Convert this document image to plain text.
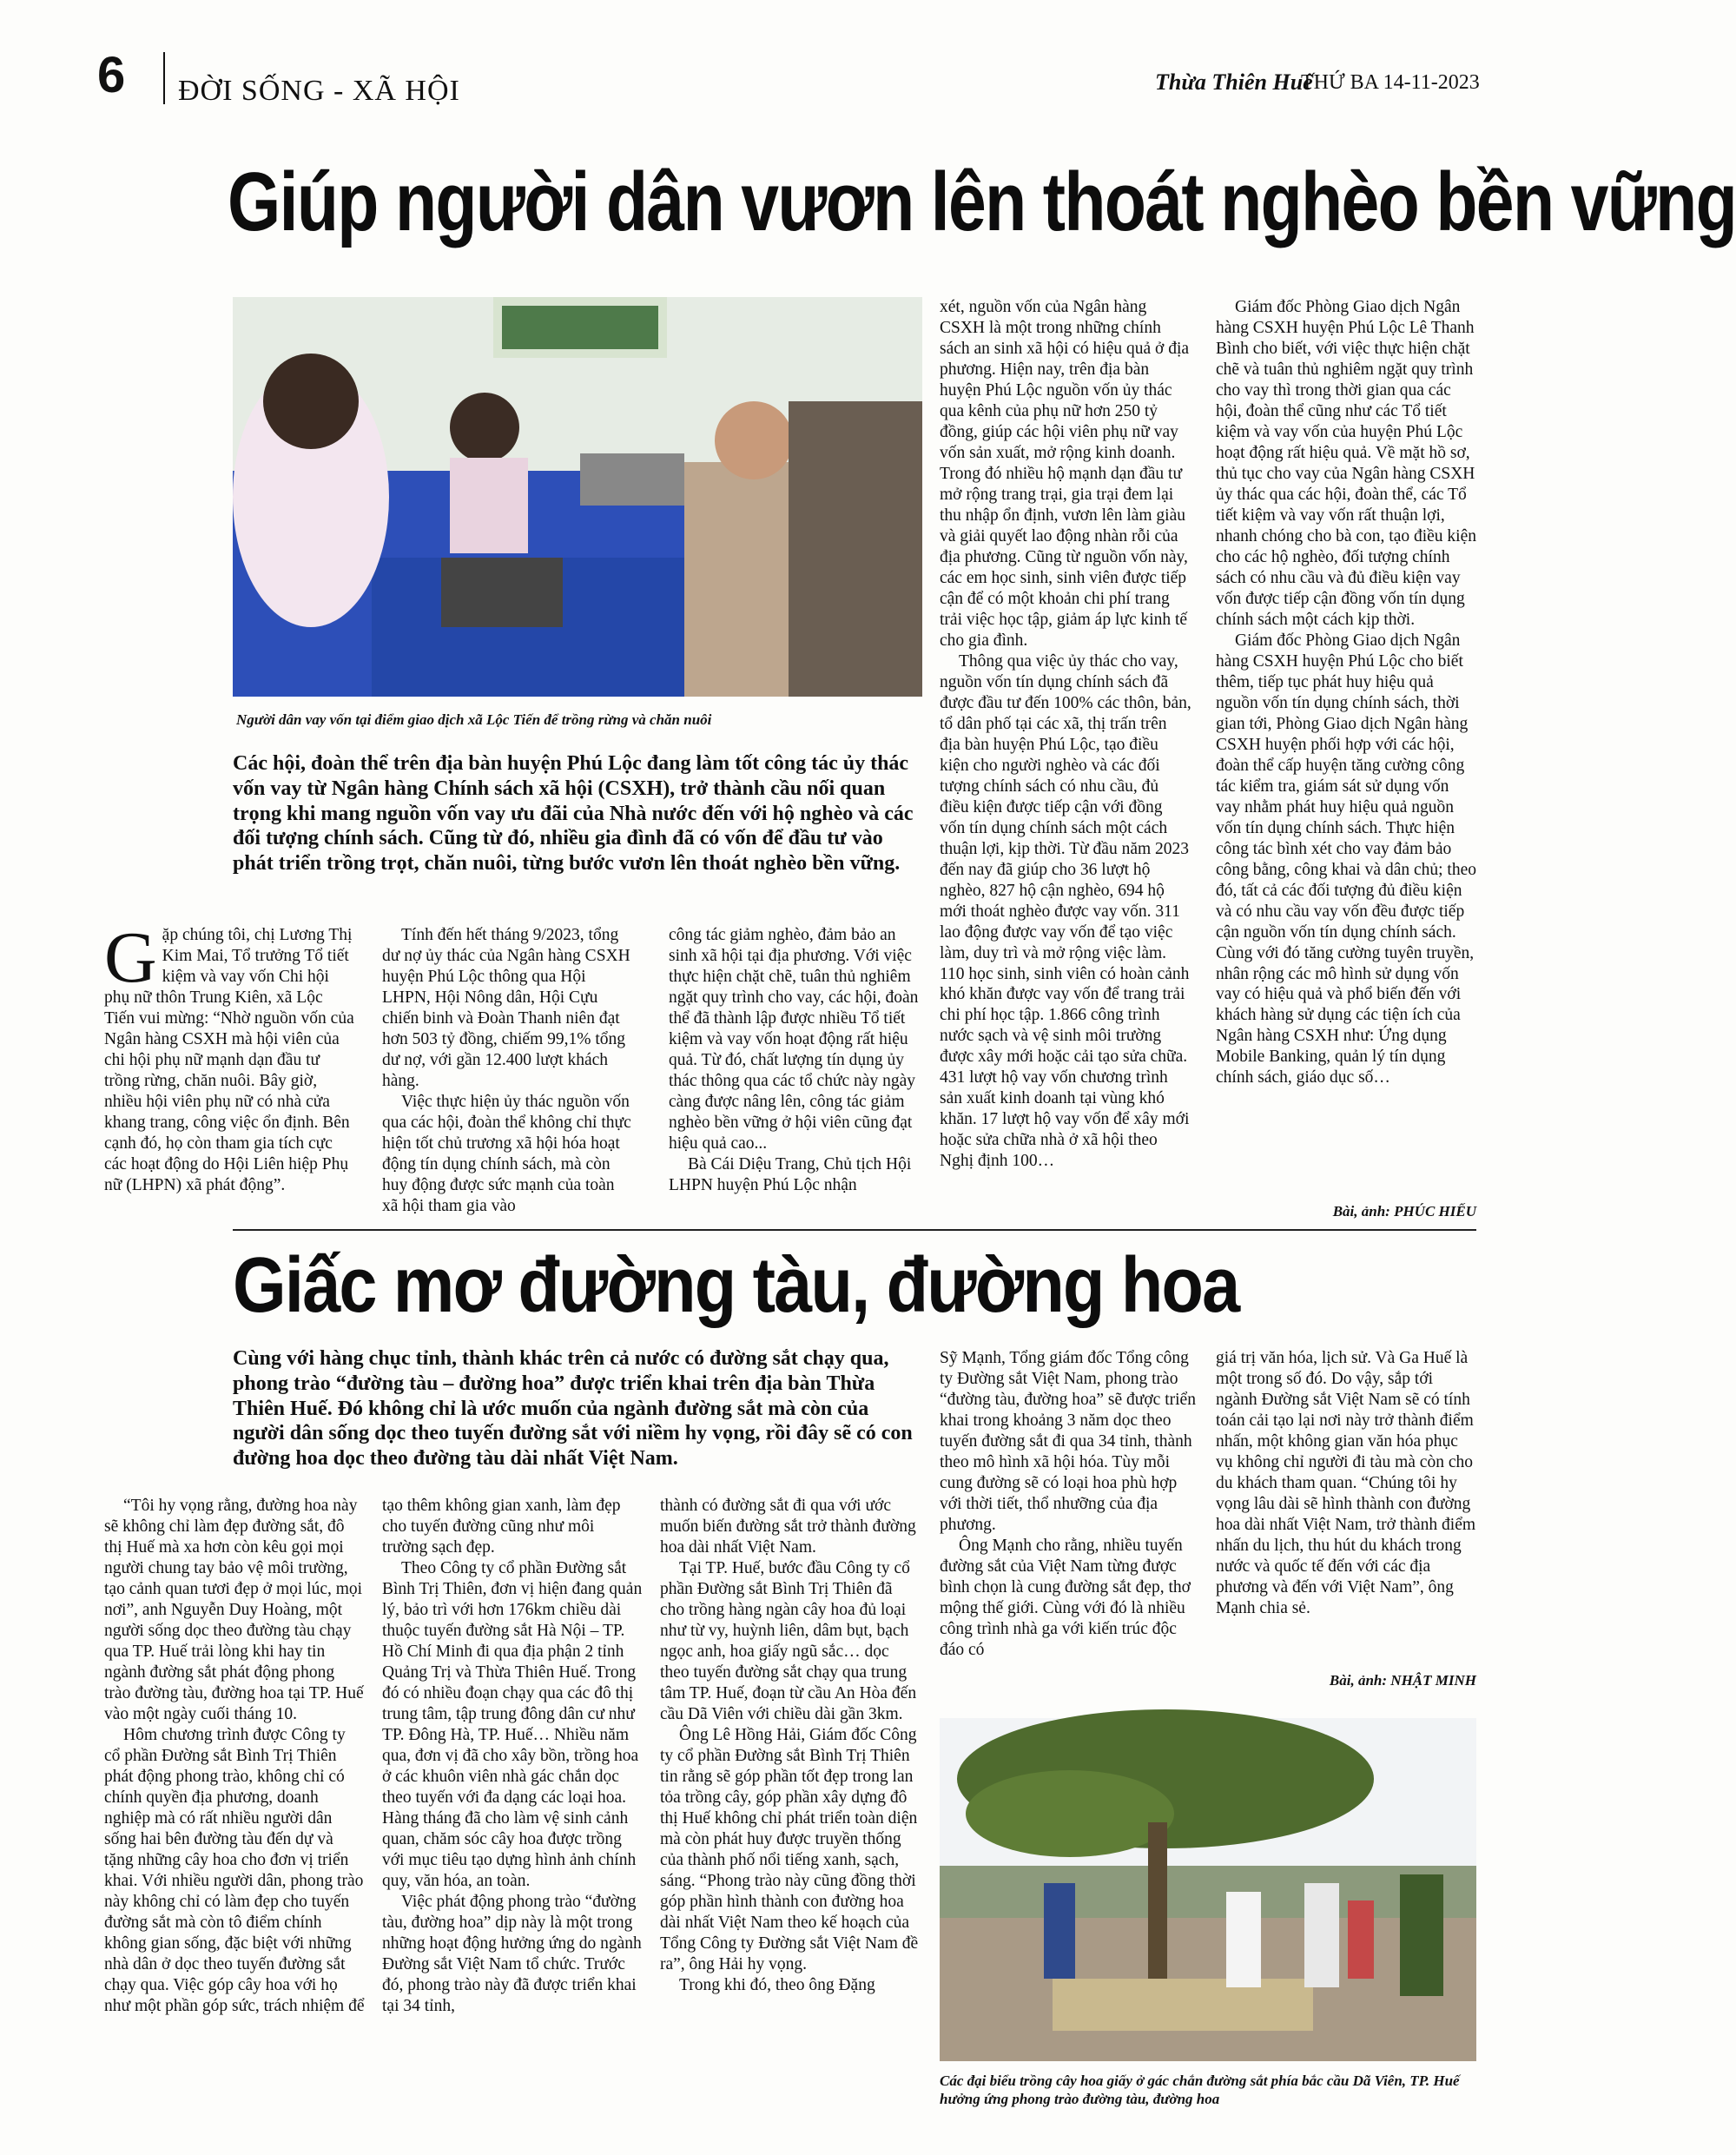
6 ĐỜI SỐNG - XÃ HỘI	Thừa Thiên Huế
THỨ BA 14-11-2023
Giúp người dân vươn lên thoát nghèo bền vững
Người dân vay vốn tại điểm giao dịch xã Lộc Tiến để trồng rừng và chăn nuôi
Các hội, đoàn thể trên địa bàn huyện Phú Lộc đang làm tốt công tác ủy thác vốn vay từ Ngân hàng Chính sách xã hội (CSXH), trở thành cầu nối quan trọng khi mang nguồn vốn vay ưu đãi của Nhà nước đến với hộ nghèo và các đối tượng chính sách. Cũng từ đó, nhiều gia đình đã có vốn để đầu tư vào phát triển trồng trọt, chăn nuôi, từng bước vươn lên thoát nghèo bền vững.

Gặp chúng tôi, chị Lương Thị Kim Mai, Tổ trưởng Tổ tiết kiệm và vay vốn Chi hội phụ nữ thôn Trung Kiên, xã Lộc Tiến vui mừng: “Nhờ nguồn vốn của Ngân hàng CSXH mà hội viên của chi hội phụ nữ mạnh dạn đầu tư trồng rừng, chăn nuôi. Bây giờ, nhiều hội viên phụ nữ có nhà cửa khang trang, công việc ổn định. Bên cạnh đó, họ còn tham gia tích cực các hoạt động do Hội Liên hiệp Phụ nữ (LHPN) xã phát động”.

Tính đến hết tháng 9/2023, tổng dư nợ ủy thác của Ngân hàng CSXH huyện Phú Lộc thông qua Hội LHPN, Hội Nông dân, Hội Cựu chiến binh và Đoàn Thanh niên đạt hơn 503 tỷ đồng, chiếm 99,1% tổng dư nợ, với gần 12.400 lượt khách hàng.

Việc thực hiện ủy thác nguồn vốn qua các hội, đoàn thể không chỉ thực hiện tốt chủ trương xã hội hóa hoạt động tín dụng chính sách, mà còn huy động được sức mạnh của toàn xã hội tham gia vào

công tác giảm nghèo, đảm bảo an sinh xã hội tại địa phương. Với việc thực hiện chặt chẽ, tuân thủ nghiêm ngặt quy trình cho vay, các hội, đoàn thể đã thành lập được nhiều Tổ tiết kiệm và vay vốn hoạt động rất hiệu quả. Từ đó, chất lượng tín dụng ủy thác thông qua các tổ chức này ngày càng được nâng lên, công tác giảm nghèo bền vững ở hội viên cũng đạt hiệu quả cao...

Bà Cái Diệu Trang, Chủ tịch Hội LHPN huyện Phú Lộc nhận

xét, nguồn vốn của Ngân hàng CSXH là một trong những chính sách an sinh xã hội có hiệu quả ở địa phương. Hiện nay, trên địa bàn huyện Phú Lộc nguồn vốn ủy thác qua kênh của phụ nữ hơn 250 tỷ đồng, giúp các hội viên phụ nữ vay vốn sản xuất, mở rộng kinh doanh. Trong đó nhiều hộ mạnh dạn đầu tư mở rộng trang trại, gia trại đem lại thu nhập ổn định, vươn lên làm giàu và giải quyết lao động nhàn rỗi của địa phương. Cũng từ nguồn vốn này, các em học sinh, sinh viên được tiếp cận để có một khoản chi phí trang trải việc học tập, giảm áp lực kinh tế cho gia đình.

Thông qua việc ủy thác cho vay, nguồn vốn tín dụng chính sách đã được đầu tư đến 100% các thôn, bản, tổ dân phố tại các xã, thị trấn trên địa bàn huyện Phú Lộc, tạo điều kiện cho người nghèo và các đối tượng chính sách có nhu cầu, đủ điều kiện được tiếp cận với đồng vốn tín dụng chính sách một cách thuận lợi, kịp thời. Từ đầu năm 2023 đến nay đã giúp cho 36 lượt hộ nghèo, 827 hộ cận nghèo, 694 hộ mới thoát nghèo được vay vốn. 311 lao động được vay vốn để tạo việc làm, duy trì và mở rộng việc làm. 110 học sinh, sinh viên có hoàn cảnh khó khăn được vay vốn để trang trải chi phí học tập. 1.866 công trình nước sạch và vệ sinh môi trường được xây mới hoặc cải tạo sửa chữa. 431 lượt hộ vay vốn chương trình sản xuất kinh doanh tại vùng khó khăn. 17 lượt hộ vay vốn để xây mới hoặc sửa chữa nhà ở xã hội theo Nghị định 100…

Giám đốc Phòng Giao dịch Ngân hàng CSXH huyện Phú Lộc Lê Thanh Bình cho biết, với việc thực hiện chặt chẽ và tuân thủ nghiêm ngặt quy trình cho vay thì trong thời gian qua các hội, đoàn thể cũng như các Tổ tiết kiệm và vay vốn của huyện Phú Lộc hoạt động rất hiệu quả. Về mặt hồ sơ, thủ tục cho vay của Ngân hàng CSXH ủy thác qua các hội, đoàn thể, các Tổ tiết kiệm và vay vốn rất thuận lợi, nhanh chóng cho bà con, tạo điều kiện cho các hộ nghèo, đối tượng chính sách có nhu cầu và đủ điều kiện vay vốn được tiếp cận đồng vốn tín dụng chính sách một cách kịp thời.

Giám đốc Phòng Giao dịch Ngân hàng CSXH huyện Phú Lộc cho biết thêm, tiếp tục phát huy hiệu quả nguồn vốn tín dụng chính sách, thời gian tới, Phòng Giao dịch Ngân hàng CSXH huyện phối hợp với các hội, đoàn thể cấp huyện tăng cường công tác kiểm tra, giám sát sử dụng vốn vay nhằm phát huy hiệu quả nguồn vốn tín dụng chính sách. Thực hiện công tác bình xét cho vay đảm bảo công bằng, công khai và dân chủ; theo đó, tất cả các đối tượng đủ điều kiện và có nhu cầu vay vốn đều được tiếp cận nguồn vốn tín dụng chính sách. Cùng với đó tăng cường tuyên truyền, nhân rộng các mô hình sử dụng vốn vay có hiệu quả và phổ biến đến với khách hàng sử dụng các tiện ích của Ngân hàng CSXH như: Ứng dụng Mobile Banking, quản lý tín dụng chính sách, giáo dục số…

Bài, ảnh: PHÚC HIẾU
Giấc mơ đường tàu, đường hoa
Cùng với hàng chục tỉnh, thành khác trên cả nước có đường sắt chạy qua, phong trào “đường tàu – đường hoa” được triển khai trên địa bàn Thừa Thiên Huế. Đó không chỉ là ước muốn của ngành đường sắt mà còn của người dân sống dọc theo tuyến đường sắt với niềm hy vọng, rồi đây sẽ có con đường hoa dọc theo đường tàu dài nhất Việt Nam.

“Tôi hy vọng rằng, đường hoa này sẽ không chỉ làm đẹp đường sắt, đô thị Huế mà xa hơn còn kêu gọi mọi người chung tay bảo vệ môi trường, tạo cảnh quan tươi đẹp ở mọi lúc, mọi nơi”, anh Nguyễn Duy Hoàng, một người sống dọc theo đường tàu chạy qua TP. Huế trải lòng khi hay tin ngành đường sắt phát động phong trào đường tàu, đường hoa tại TP. Huế vào một ngày cuối tháng 10.

Hôm chương trình được Công ty cổ phần Đường sắt Bình Trị Thiên phát động phong trào, không chỉ có chính quyền địa phương, doanh nghiệp mà có rất nhiều người dân sống hai bên đường tàu đến dự và tặng những cây hoa cho đơn vị triển khai. Với nhiều người dân, phong trào này không chỉ có làm đẹp cho tuyến đường sắt mà còn tô điểm chính không gian sống, đặc biệt với những nhà dân ở dọc theo tuyến đường sắt chạy qua. Việc góp cây hoa với họ như một phần góp sức, trách nhiệm để

tạo thêm không gian xanh, làm đẹp cho tuyến đường cũng như môi trường sạch đẹp.

Theo Công ty cổ phần Đường sắt Bình Trị Thiên, đơn vị hiện đang quản lý, bảo trì với hơn 176km chiều dài thuộc tuyến đường sắt Hà Nội – TP. Hồ Chí Minh đi qua địa phận 2 tỉnh Quảng Trị và Thừa Thiên Huế. Trong đó có nhiều đoạn chạy qua các đô thị trung tâm, tập trung đông dân cư như TP. Đông Hà, TP. Huế… Nhiều năm qua, đơn vị đã cho xây bồn, trồng hoa ở các khuôn viên nhà gác chắn dọc theo tuyến với đa dạng các loại hoa. Hàng tháng đã cho làm vệ sinh cảnh quan, chăm sóc cây hoa được trồng với mục tiêu tạo dựng hình ảnh chính quy, văn hóa, an toàn.

Việc phát động phong trào “đường tàu, đường hoa” dịp này là một trong những hoạt động hưởng ứng do ngành Đường sắt Việt Nam tổ chức. Trước đó, phong trào này đã được triển khai tại 34 tỉnh,

thành có đường sắt đi qua với ước muốn biến đường sắt trở thành đường hoa dài nhất Việt Nam.

Tại TP. Huế, bước đầu Công ty cổ phần Đường sắt Bình Trị Thiên đã cho trồng hàng ngàn cây hoa đủ loại như từ vy, huỳnh liên, dâm bụt, bạch ngọc anh, hoa giấy ngũ sắc… dọc theo tuyến đường sắt chạy qua trung tâm TP. Huế, đoạn từ cầu An Hòa đến cầu Dã Viên với chiều dài gần 3km.

Ông Lê Hồng Hải, Giám đốc Công ty cổ phần Đường sắt Bình Trị Thiên tin rằng sẽ góp phần tốt đẹp trong lan tỏa trồng cây, góp phần xây dựng đô thị Huế không chỉ phát triển toàn diện mà còn phát huy được truyền thống của thành phố nổi tiếng xanh, sạch, sáng. “Phong trào này cũng đồng thời góp phần hình thành con đường hoa dài nhất Việt Nam theo kế hoạch của Tổng Công ty Đường sắt Việt Nam đề ra”, ông Hải hy vọng.

Trong khi đó, theo ông Đặng

Sỹ Mạnh, Tổng giám đốc Tổng công ty Đường sắt Việt Nam, phong trào “đường tàu, đường hoa” sẽ được triển khai trong khoảng 3 năm dọc theo tuyến đường sắt đi qua 34 tỉnh, thành theo mô hình xã hội hóa. Tùy mỗi cung đường sẽ có loại hoa phù hợp với thời tiết, thổ nhưỡng của địa phương.

Ông Mạnh cho rằng, nhiều tuyến đường sắt của Việt Nam từng được bình chọn là cung đường sắt đẹp, thơ mộng thế giới. Cùng với đó là nhiều công trình nhà ga với kiến trúc độc đáo có

giá trị văn hóa, lịch sử. Và Ga Huế là một trong số đó. Do vậy, sắp tới ngành Đường sắt Việt Nam sẽ có tính toán cải tạo lại nơi này trở thành điểm nhấn, một không gian văn hóa phục vụ không chỉ người đi tàu mà còn cho du khách tham quan. “Chúng tôi hy vọng lâu dài sẽ hình thành con đường hoa dài nhất Việt Nam, trở thành điểm nhấn du lịch, thu hút du khách trong nước và quốc tế đến với các địa phương và đến với Việt Nam”, ông Mạnh chia sẻ.

Bài, ảnh: NHẬT MINH
Các đại biểu trồng cây hoa giấy ở gác chắn đường sắt phía bắc cầu Dã Viên, TP. Huế hưởng ứng phong trào đường tàu, đường hoa
